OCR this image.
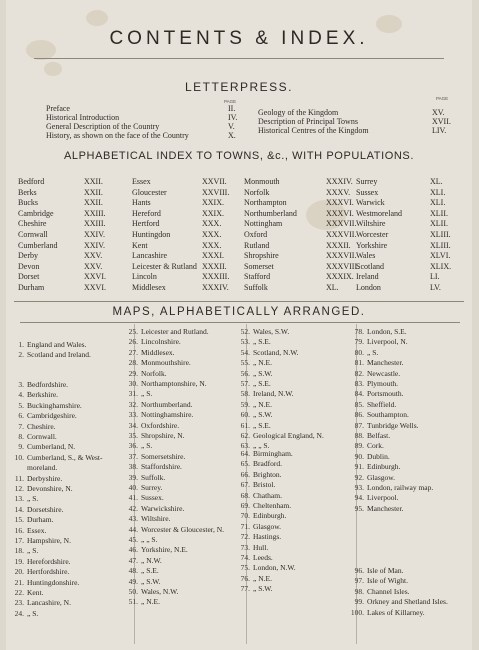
CONTENTS & INDEX.
LETTERPRESS.
PAGE
PAGE
Preface	II.
Historical Introduction	IV.
General Description of the Country	V.
History, as shown on the face of the Country	X.
Geology of the Kingdom	XV.
Description of Principal Towns	XVII.
Historical Centres of the Kingdom	LIV.
ALPHABETICAL INDEX TO TOWNS, &c., WITH POPULATIONS.
Bedford	XXII.
Berks	XXII.
Bucks	XXII.
Cambridge	XXIII.
Cheshire	XXIII.
Cornwall	XXIV.
Cumberland	XXIV.
Derby	XXV.
Devon	XXV.
Dorset	XXVI.
Durham	XXVI.
Essex	XXVII.
Gloucester	XXVIII.
Hants	XXIX.
Hereford	XXIX.
Hertford	XXX.
Huntingdon	XXX.
Kent	XXX.
Lancashire	XXXI.
Leicester & Rutland XXXII.
Lincoln	XXXIII.
Middlesex	XXXIV.
Monmouth	XXXIV.
Norfolk	XXXV.
Northampton	XXXVI.
Northumberland	XXXVI.
Nottingham	XXXVII.
Oxford	XXXVII.
Rutland	XXXII.
Shropshire	XXXVII.
Somerset	XXXVIII.
Stafford	XXXIX.
Suffolk	XL.
Surrey	XL.
Sussex	XLI.
Warwick	XLI.
Westmoreland	XLII.
Wiltshire	XLII.
Worcester	XLIII.
Yorkshire	XLIII.
Wales	XLVI.
Scotland	XLIX.
Ireland	LI.
London	LV.
MAPS, ALPHABETICALLY ARRANGED.
1. England and Wales.
2. Scotland and Ireland.
3. Bedfordshire.
4. Berkshire.
5. Buckinghamshire.
6. Cambridgeshire.
7. Cheshire.
8. Cornwall.
9. Cumberland, N.
10. Cumberland, S., & West-
moreland.
11. Derbyshire.
12. Devonshire, N.
13. „ S.
14. Dorsetshire.
15. Durham.
16. Essex.
17. Hampshire, N.
18. „ S.
19. Herefordshire.
20. Hertfordshire.
21. Huntingdonshire.
22. Kent.
23. Lancashire, N.
24. „ S.
25. Leicester and Rutland.
26. Lincolnshire.
27. Middlesex.
28. Monmouthshire.
29. Norfolk.
30. Northamptonshire, N.
31. „ S.
32. Northumberland.
33. Nottinghamshire.
34. Oxfordshire.
35. Shropshire, N.
36. „ S.
37. Somersetshire.
38. Staffordshire.
39. Suffolk.
40. Surrey.
41. Sussex.
42. Warwickshire.
43. Wiltshire.
44. Worcester & Gloucester, N.
45. „ „ S.
46. Yorkshire, N.E.
47. „ N.W.
48. „ S.E.
49. „ S.W.
50. Wales, N.W.
51. „ N.E.
52. Wales, S.W.
53. „ S.E.
54. Scotland, N.W.
55. „ N.E.
56. „ S.W.
57. „ S.E.
58. Ireland, N.W.
59. „ N.E.
60. „ S.W.
61. „ S.E.
62. Geological England, N.
63. „ „ S.
64. Birmingham.
65. Bradford.
66. Brighton.
67. Bristol.
68. Chatham.
69. Cheltenham.
70. Edinburgh.
71. Glasgow.
72. Hastings.
73. Hull.
74. Leeds.
75. London, N.W.
76. „ N.E.
77. „ S.W.
78. London, S.E.
79. Liverpool, N.
80. „ S.
81. Manchester.
82. Newcastle.
83. Plymouth.
84. Portsmouth.
85. Sheffield.
86. Southampton.
87. Tunbridge Wells.
88. Belfast.
89. Cork.
90. Dublin.
91. Edinburgh.
92. Glasgow.
93. London, railway map.
94. Liverpool.
95. Manchester.
96. Isle of Man.
97. Isle of Wight.
98. Channel Isles.
99. Orkney and Shetland Isles.
100. Lakes of Killarney.
